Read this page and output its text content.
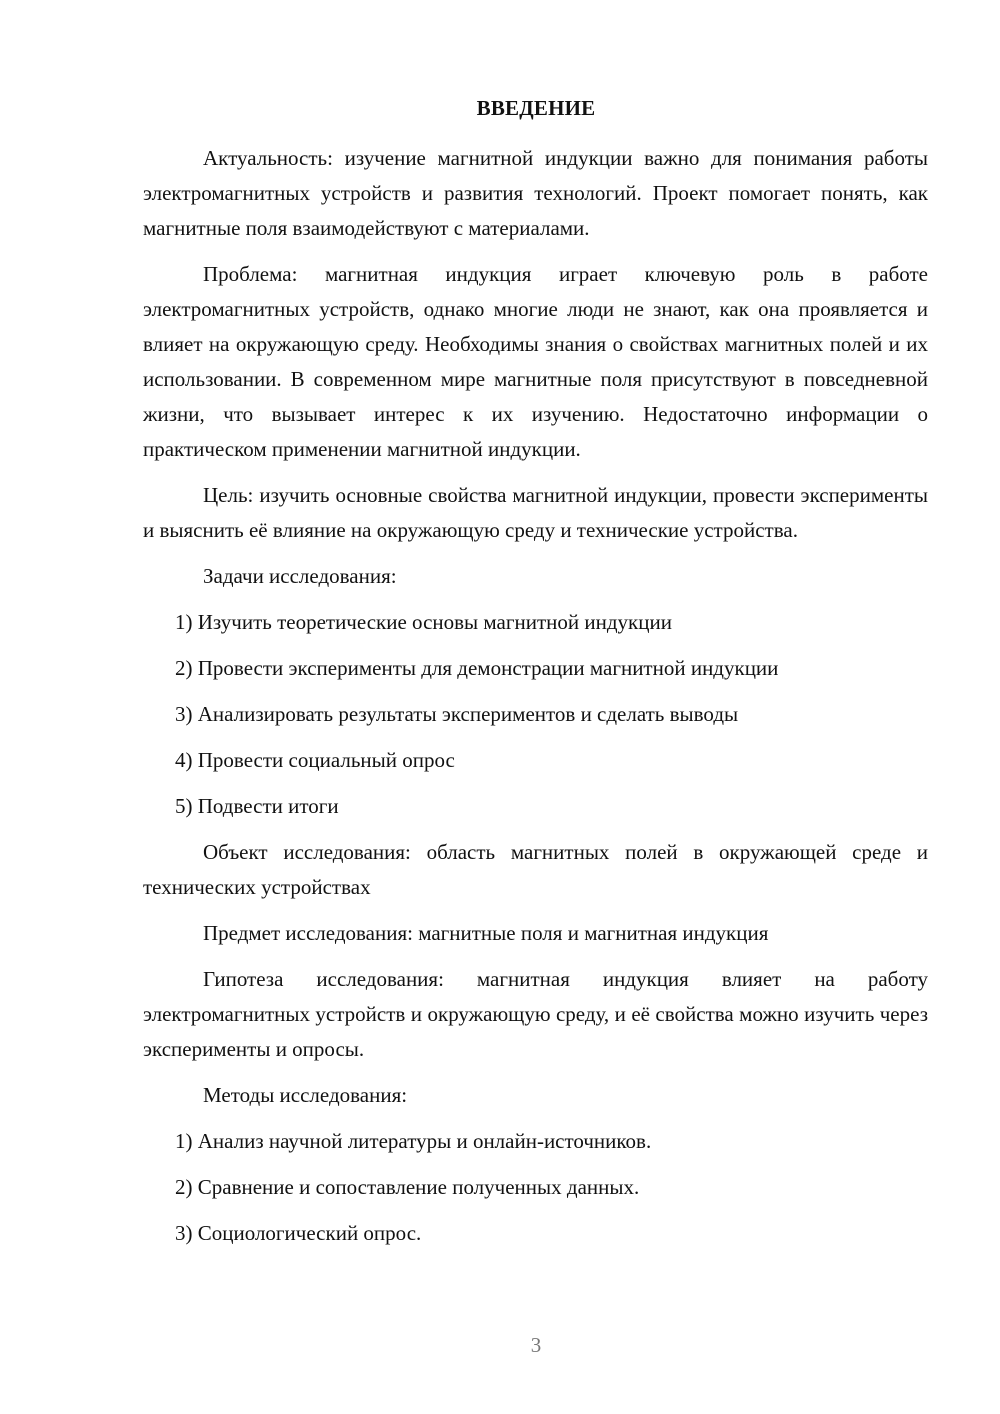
ВВЕДЕНИЕ

Актуальность: изучение магнитной индукции важно для понимания работы электромагнитных устройств и развития технологий. Проект помогает понять, как магнитные поля взаимодействуют с материалами.

Проблема: магнитная индукция играет ключевую роль в работе электромагнитных устройств, однако многие люди не знают, как она проявляется и влияет на окружающую среду. Необходимы знания о свойствах магнитных полей и их использовании. В современном мире магнитные поля присутствуют в повседневной жизни, что вызывает интерес к их изучению. Недостаточно информации о практическом применении магнитной индукции.

Цель: изучить основные свойства магнитной индукции, провести эксперименты и выяснить её влияние на окружающую среду и технические устройства.

Задачи исследования:

1) Изучить теоретические основы магнитной индукции

2) Провести эксперименты для демонстрации магнитной индукции

3) Анализировать результаты экспериментов и сделать выводы

4) Провести социальный опрос

5) Подвести итоги

Объект исследования: область магнитных полей в окружающей среде и технических устройствах

Предмет исследования: магнитные поля и магнитная индукция

Гипотеза исследования: магнитная индукция влияет на работу электромагнитных устройств и окружающую среду, и её свойства можно изучить через эксперименты и опросы.

Методы исследования:

1) Анализ научной литературы и онлайн-источников.

2) Сравнение и сопоставление полученных данных.

3) Социологический опрос.

3
